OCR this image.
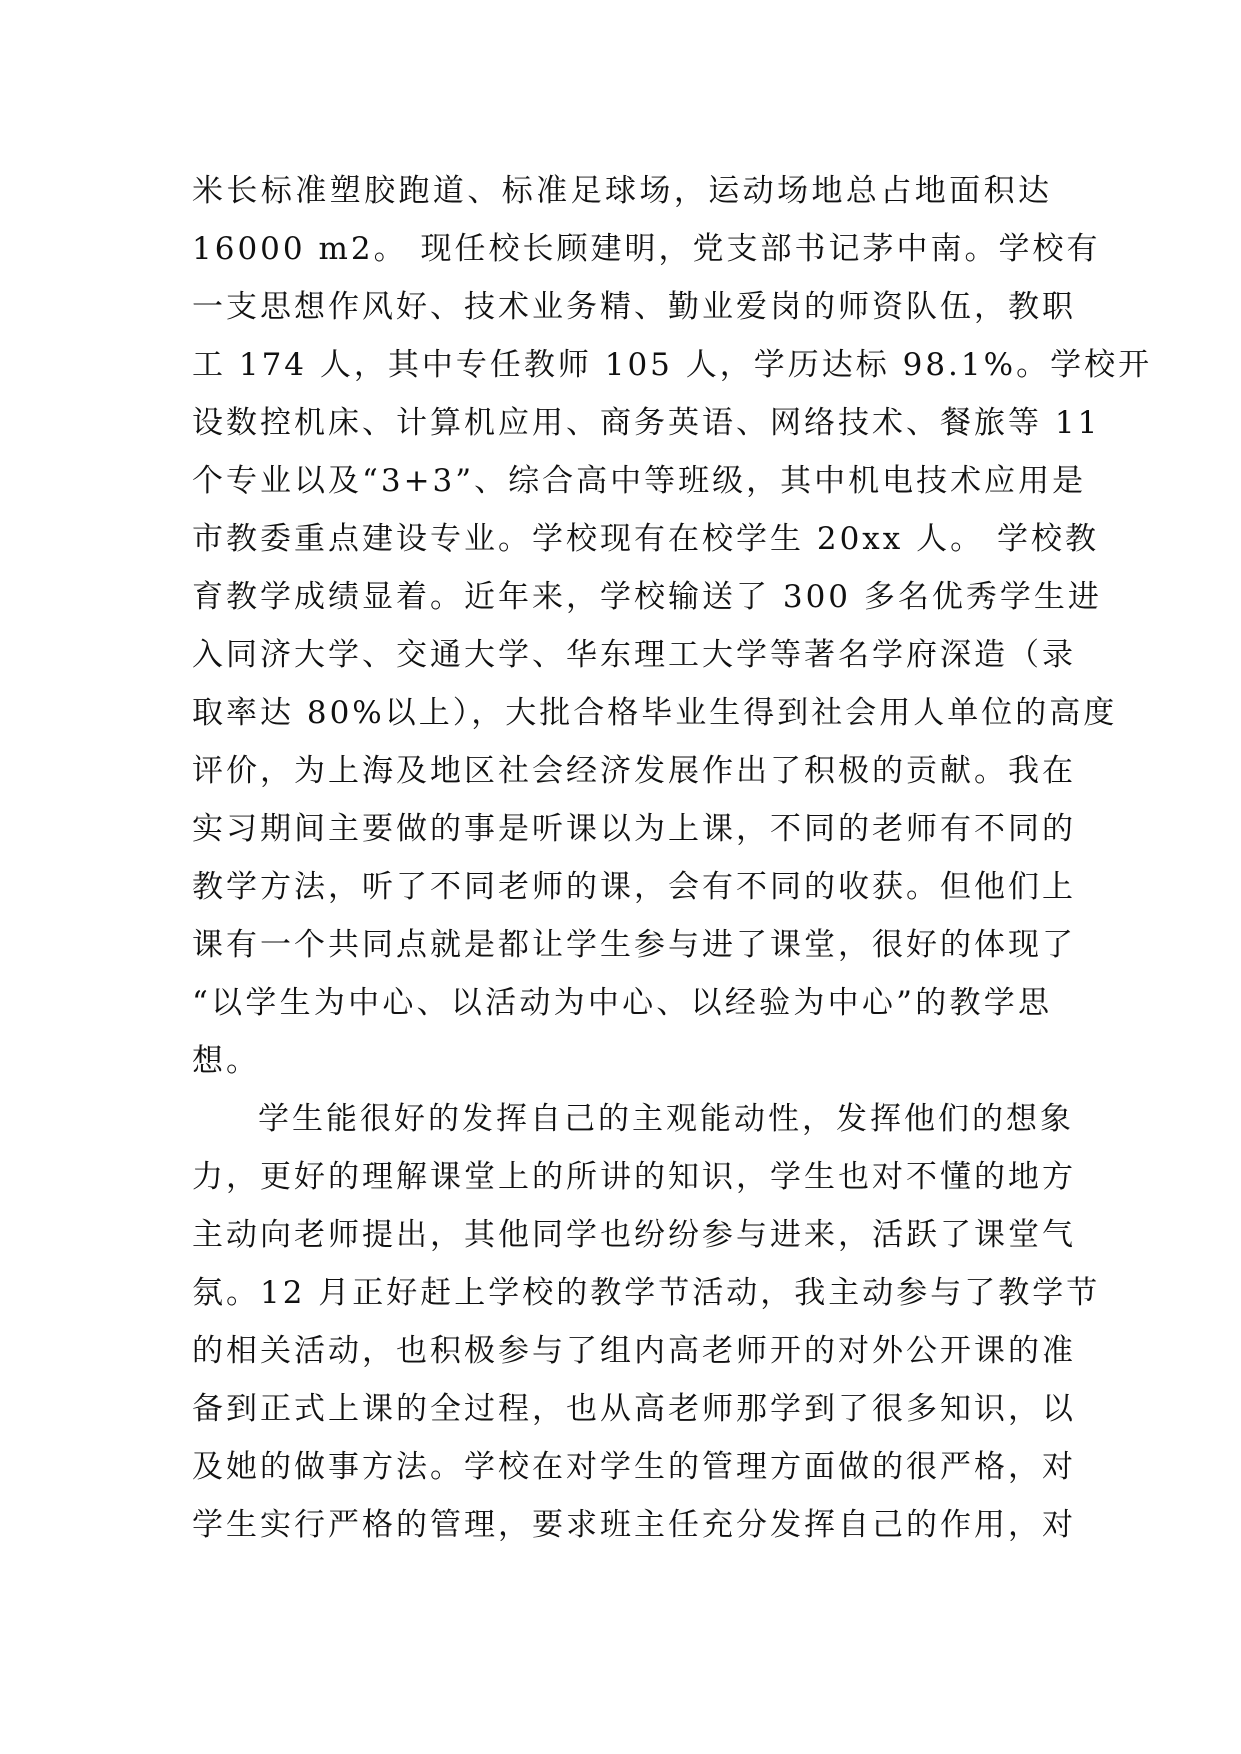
米长标准塑胶跑道、标准足球场，运动场地总占地面积达
16000 m2。 现任校长顾建明，党支部书记茅中南。学校有
一支思想作风好、技术业务精、勤业爱岗的师资队伍，教职
工 174 人，其中专任教师 105 人，学历达标 98.1%。学校开
设数控机床、计算机应用、商务英语、网络技术、餐旅等 11
个专业以及“3+3”、综合高中等班级，其中机电技术应用是
市教委重点建设专业。学校现有在校学生 20xx 人。 学校教
育教学成绩显着。近年来，学校输送了 300 多名优秀学生进
入同济大学、交通大学、华东理工大学等著名学府深造（录
取率达 80%以上），大批合格毕业生得到社会用人单位的高度
评价，为上海及地区社会经济发展作出了积极的贡献。我在
实习期间主要做的事是听课以为上课，不同的老师有不同的
教学方法，听了不同老师的课，会有不同的收获。但他们上
课有一个共同点就是都让学生参与进了课堂，很好的体现了
“以学生为中心、以活动为中心、以经验为中心”的教学思
想。
学生能很好的发挥自己的主观能动性，发挥他们的想象
力，更好的理解课堂上的所讲的知识，学生也对不懂的地方
主动向老师提出，其他同学也纷纷参与进来，活跃了课堂气
氛。12 月正好赶上学校的教学节活动，我主动参与了教学节
的相关活动，也积极参与了组内高老师开的对外公开课的准
备到正式上课的全过程，也从高老师那学到了很多知识，以
及她的做事方法。学校在对学生的管理方面做的很严格，对
学生实行严格的管理，要求班主任充分发挥自己的作用，对
